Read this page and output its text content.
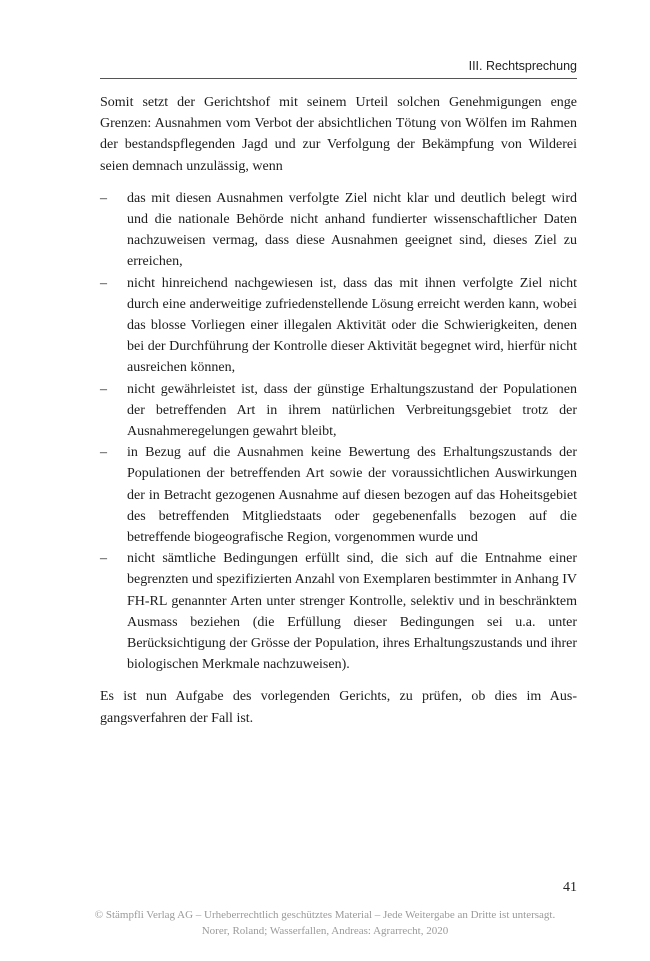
III. Rechtsprechung

Somit setzt der Gerichtshof mit seinem Urteil solchen Genehmigungen enge Grenzen: Ausnahmen vom Verbot der absichtlichen Tötung von Wölfen im Rahmen der bestandspflegenden Jagd und zur Verfolgung der Bekämpfung von Wilderei seien demnach unzulässig, wenn

– das mit diesen Ausnahmen verfolgte Ziel nicht klar und deutlich belegt wird und die nationale Behörde nicht anhand fundierter wissenschaftlicher Daten nachzuweisen vermag, dass diese Ausnahmen geeignet sind, dieses Ziel zu erreichen,
– nicht hinreichend nachgewiesen ist, dass das mit ihnen verfolgte Ziel nicht durch eine anderweitige zufriedenstellende Lösung erreicht werden kann, wobei das blosse Vorliegen einer illegalen Aktivität oder die Schwierigkeiten, denen bei der Durchführung der Kontrolle dieser Aktivität begegnet wird, hierfür nicht ausreichen können,
– nicht gewährleistet ist, dass der günstige Erhaltungszustand der Populationen der betreffenden Art in ihrem natürlichen Verbreitungsgebiet trotz der Ausnahmeregelungen gewahrt bleibt,
– in Bezug auf die Ausnahmen keine Bewertung des Erhaltungszustands der Populationen der betreffenden Art sowie der voraussichtlichen Auswirkungen der in Betracht gezogenen Ausnahme auf diesen bezogen auf das Hoheitsgebiet des betreffenden Mitgliedstaats oder gegebenenfalls bezogen auf die betreffende biogeografische Region, vorgenommen wurde und
– nicht sämtliche Bedingungen erfüllt sind, die sich auf die Entnahme einer begrenzten und spezifizierten Anzahl von Exemplaren bestimmter in Anhang IV FH-RL genannter Arten unter strenger Kontrolle, selektiv und in beschränktem Ausmass beziehen (die Erfüllung dieser Bedingungen sei u.a. unter Berücksichtigung der Grösse der Population, ihres Erhaltungszustands und ihrer biologischen Merkmale nachzuweisen).

Es ist nun Aufgabe des vorlegenden Gerichts, zu prüfen, ob dies im Ausgangsverfahren der Fall ist.

41
© Stämpfli Verlag AG – Urheberrechtlich geschütztes Material – Jede Weitergabe an Dritte ist untersagt.
Norer, Roland; Wasserfallen, Andreas: Agrarrecht, 2020
